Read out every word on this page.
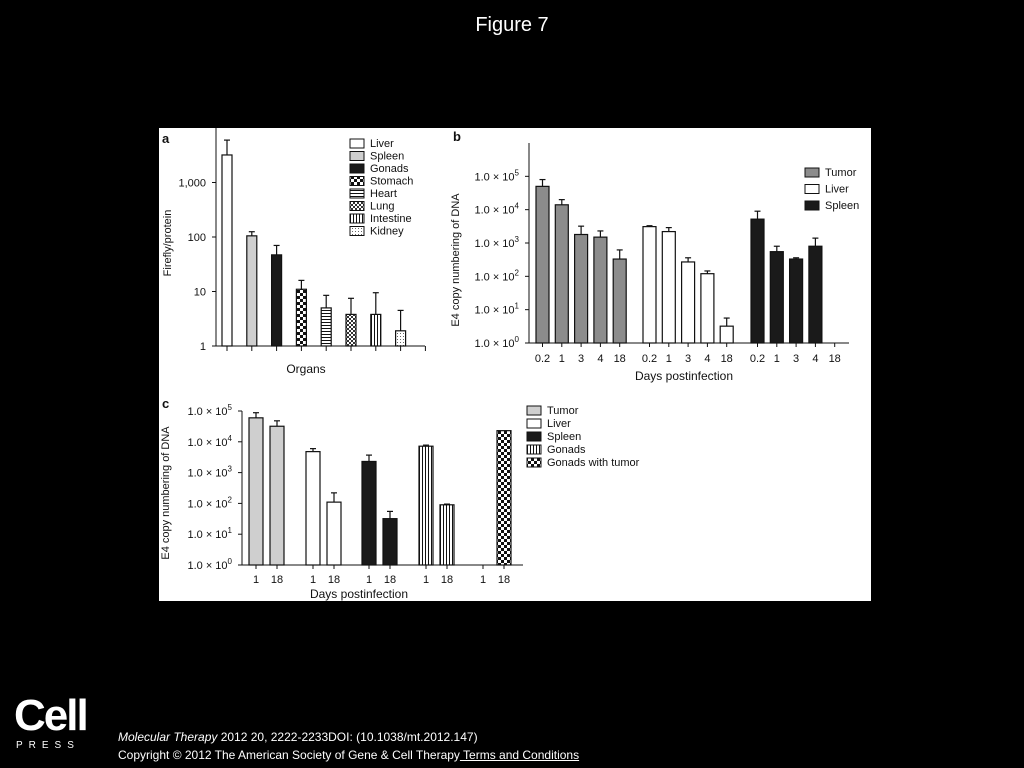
Figure 7
a
1
10
100
1,000
Firefly/protein
Organs
Liver
Spleen
Gonads
Stomach
Heart
Lung
Intestine
Kidney
b
$1.0 \times 10^0$
$1.0 \times 10^1$
$1.0 \times 10^2$
$1.0 \times 10^3$
$1.0 \times 10^4$
$1.0 \times 10^5$
E4 copy numbering of DNA
Days postinfection
0.2 1 3 4 18 0.2 1 3 4 18 0.2 1 3 4 18
Tumor
Liver
Spleen
c
$1.0 \times 10^0$
$1.0 \times 10^1$
$1.0 \times 10^2$
$1.0 \times 10^3$
$1.0 \times 10^4$
$1.0 \times 10^5$
E4 copy numbering of DNA
Days postinfection
1 18 1 18 1 18 1 18 1 18
Tumor
Liver
Spleen
Gonads
Gonads with tumor
Cell
PRESS
Molecular Therapy 2012 20, 2222-2233DOI: (10.1038/mt.2012.147)
Copyright © 2012 The American Society of Gene & Cell Therapy Terms and Conditions
